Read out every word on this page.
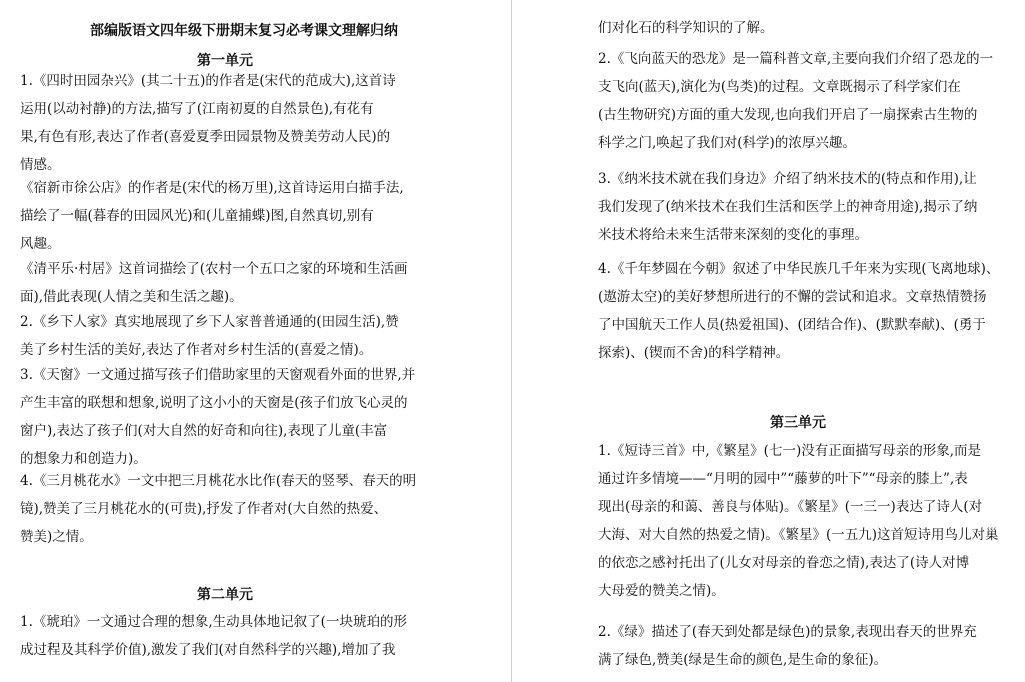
部编版语文四年级下册期末复习必考课文理解归纳
第一单元
1.《四时田园杂兴》(其二十五)的作者是(宋代的范成大),这首诗
运用(以动衬静)的方法,描写了(江南初夏的自然景色),有花有
果,有色有形,表达了作者(喜爱夏季田园景物及赞美劳动人民)的
情感。
《宿新市徐公店》的作者是(宋代的杨万里),这首诗运用白描手法,
描绘了一幅(暮春的田园风光)和(儿童捕蝶)图,自然真切,别有
风趣。
《清平乐·村居》这首词描绘了(农村一个五口之家的环境和生活画
面),借此表现(人情之美和生活之趣)。
2.《乡下人家》真实地展现了乡下人家普普通通的(田园生活),赞
美了乡村生活的美好,表达了作者对乡村生活的(喜爱之情)。
3.《天窗》一文通过描写孩子们借助家里的天窗观看外面的世界,并
产生丰富的联想和想象,说明了这小小的天窗是(孩子们放飞心灵的
窗户),表达了孩子们(对大自然的好奇和向往),表现了儿童(丰富
的想象力和创造力)。
4.《三月桃花水》一文中把三月桃花水比作(春天的竖琴、春天的明
镜),赞美了三月桃花水的(可贵),抒发了作者对(大自然的热爱、
赞美)之情。
第二单元
1.《琥珀》一文通过合理的想象,生动具体地记叙了(一块琥珀的形
成过程及其科学价值),激发了我们(对自然科学的兴趣),增加了我
们对化石的科学知识的了解。
2.《飞向蓝天的恐龙》是一篇科普文章,主要向我们介绍了恐龙的一
支飞向(蓝天),演化为(鸟类)的过程。文章既揭示了科学家们在
(古生物研究)方面的重大发现,也向我们开启了一扇探索古生物的
科学之门,唤起了我们对(科学)的浓厚兴趣。
3.《纳米技术就在我们身边》介绍了纳米技术的(特点和作用),让
我们发现了(纳米技术在我们生活和医学上的神奇用途),揭示了纳
米技术将给未来生活带来深刻的变化的事理。
4.《千年梦圆在今朝》叙述了中华民族几千年来为实现(飞离地球)、
(遨游太空)的美好梦想所进行的不懈的尝试和追求。文章热情赞扬
了中国航天工作人员(热爱祖国)、(团结合作)、(默默奉献)、(勇于
探索)、(锲而不舍)的科学精神。
第三单元
1.《短诗三首》中,《繁星》(七一)没有正面描写母亲的形象,而是
通过许多情境——“月明的园中”“藤萝的叶下”“母亲的膝上”,表
现出(母亲的和蔼、善良与体贴)。《繁星》(一三一)表达了诗人(对
大海、对大自然的热爱之情)。《繁星》(一五九)这首短诗用鸟儿对巢
的依恋之感衬托出了(儿女对母亲的眷恋之情),表达了(诗人对博
大母爱的赞美之情)。
2.《绿》描述了(春天到处都是绿色)的景象,表现出春天的世界充
满了绿色,赞美(绿是生命的颜色,是生命的象征)。
